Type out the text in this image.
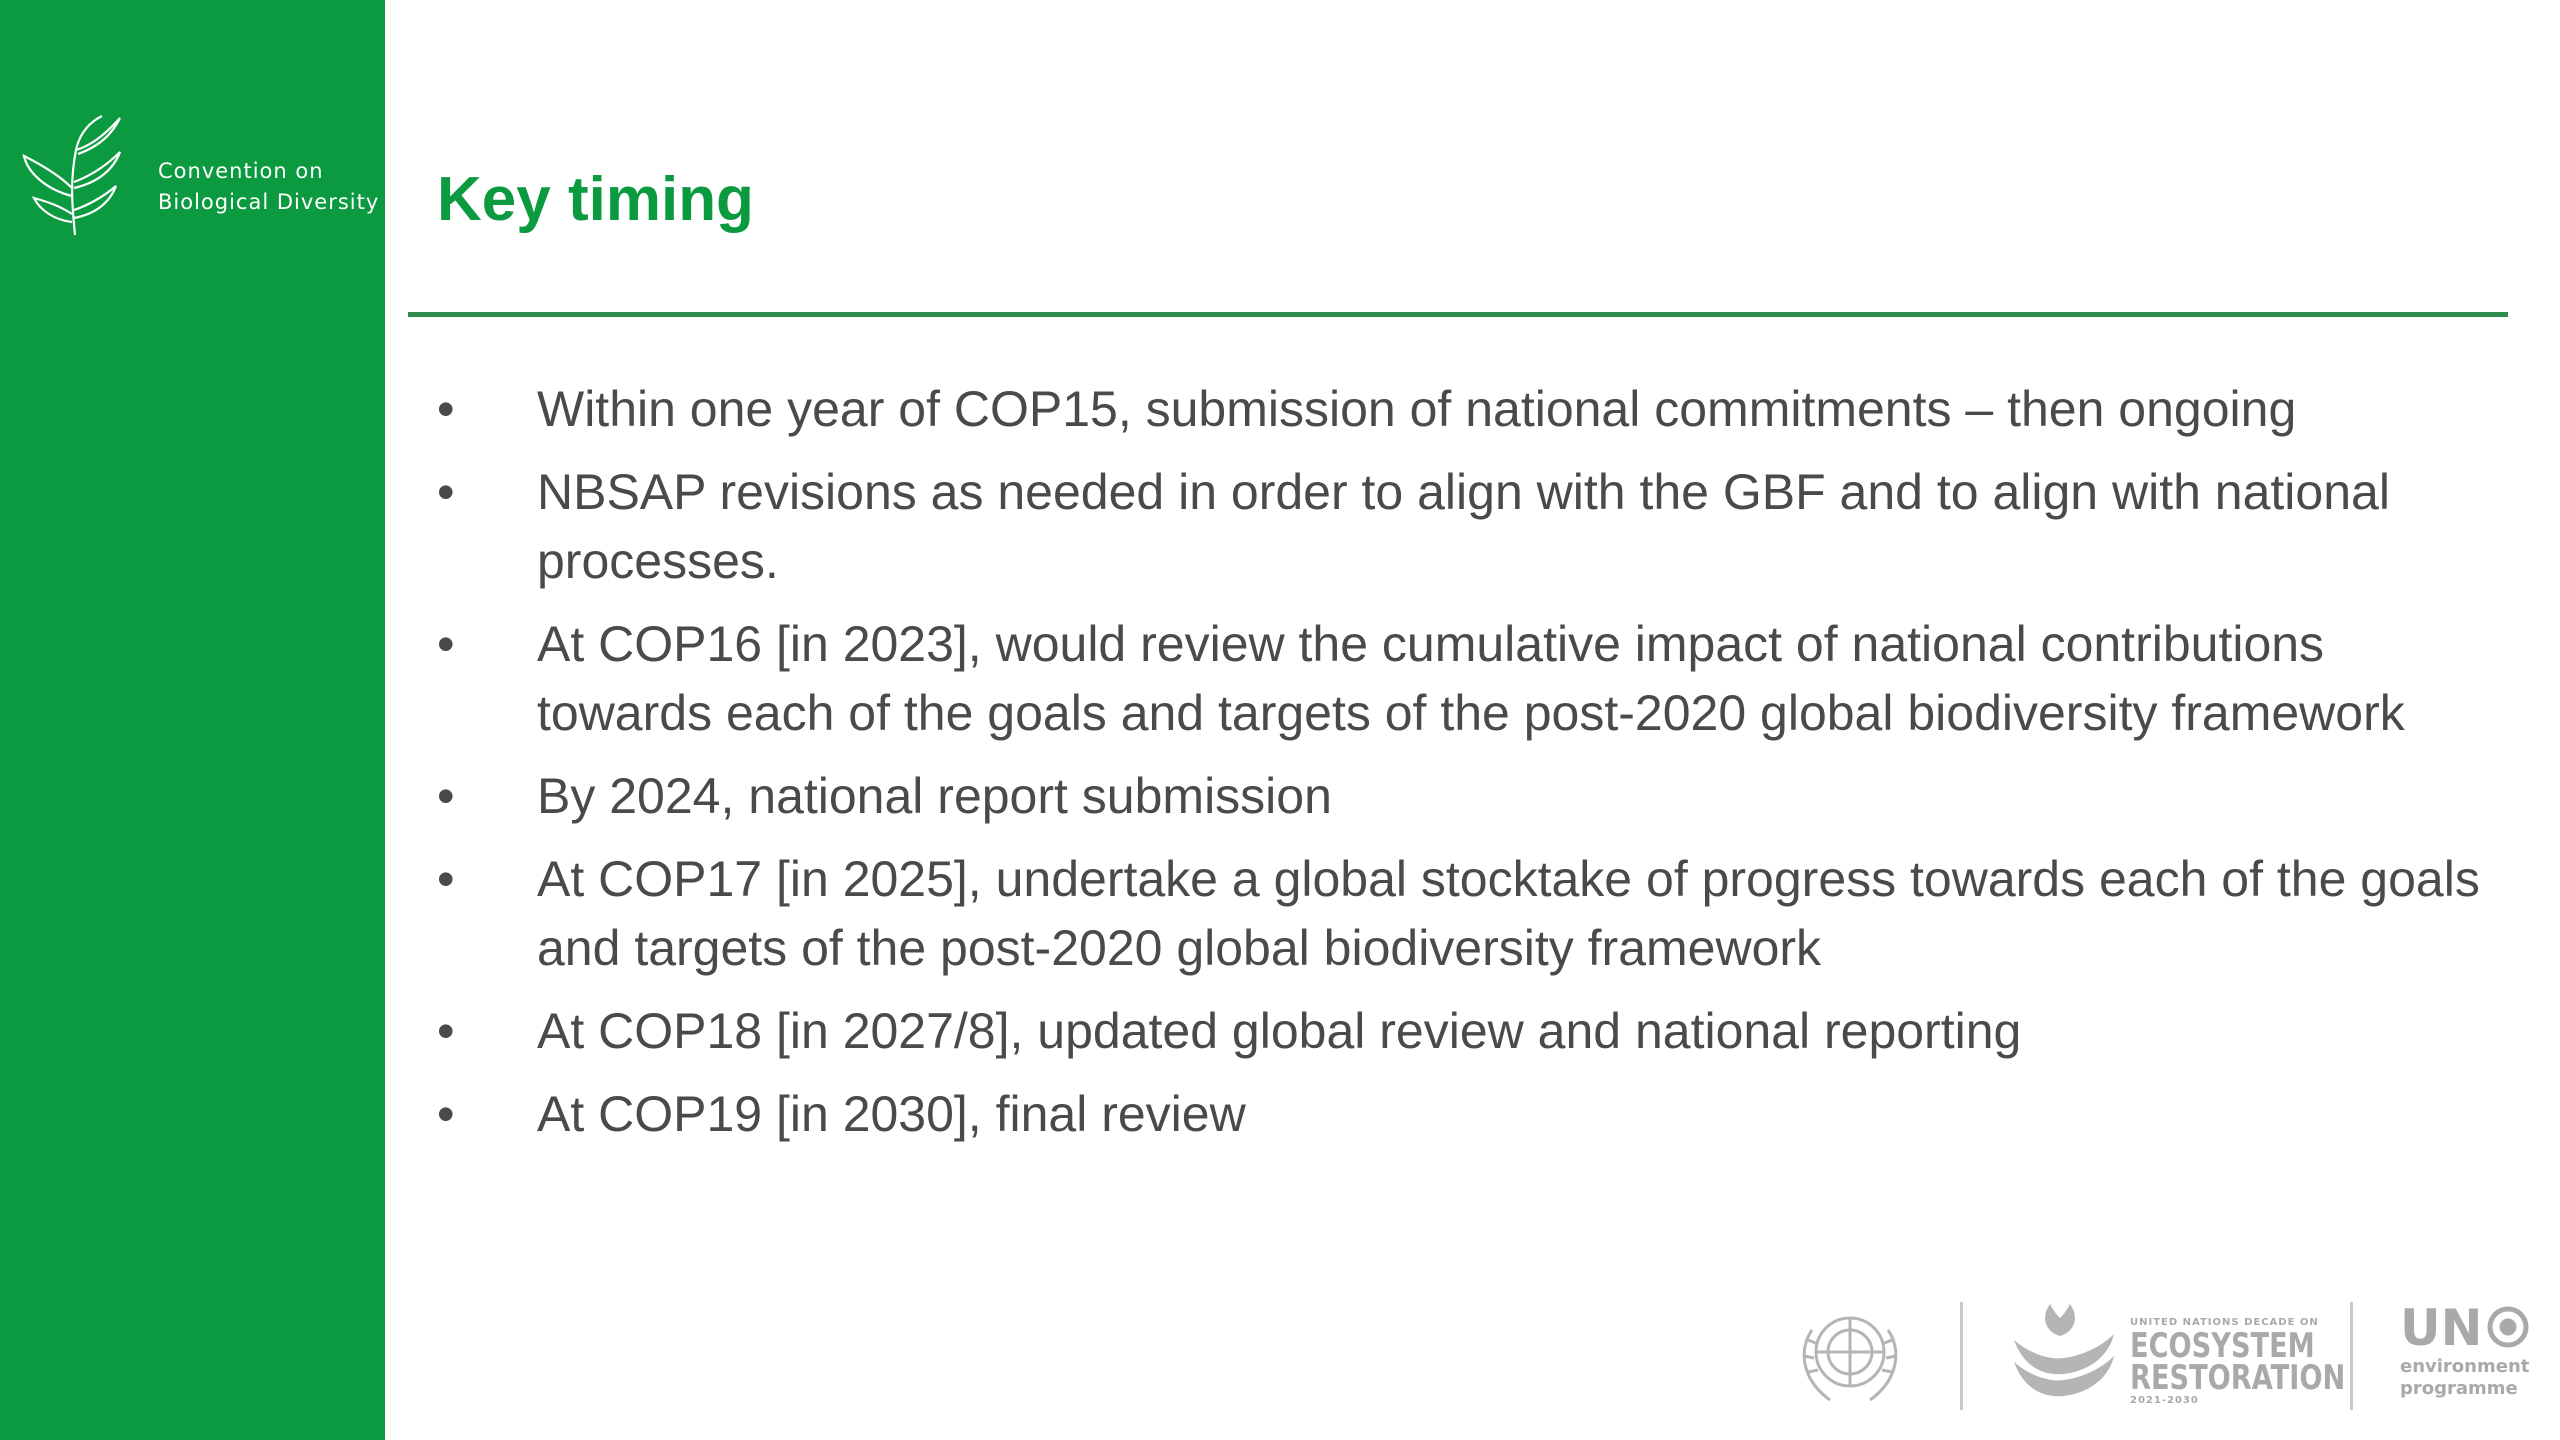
Convention on
Biological Diversity Key timing
• Within one year of COP15, submission of national commitments – then ongoing
• NBSAP revisions as needed in order to align with the GBF and to align with national processes.
• At COP16 [in 2023], would review the cumulative impact of national contributions towards each of the goals and targets of the post-2020 global biodiversity framework
• By 2024, national report submission
• At COP17 [in 2025], undertake a global stocktake of progress towards each of the goals and targets of the post-2020 global biodiversity framework
• At COP18 [in 2027/8], updated global review and national reporting
• At COP19 [in 2030], final review
UNITED NATIONS DECADE ON
ECOSYSTEM
RESTORATION
2021-2030
UN
environment
programme
